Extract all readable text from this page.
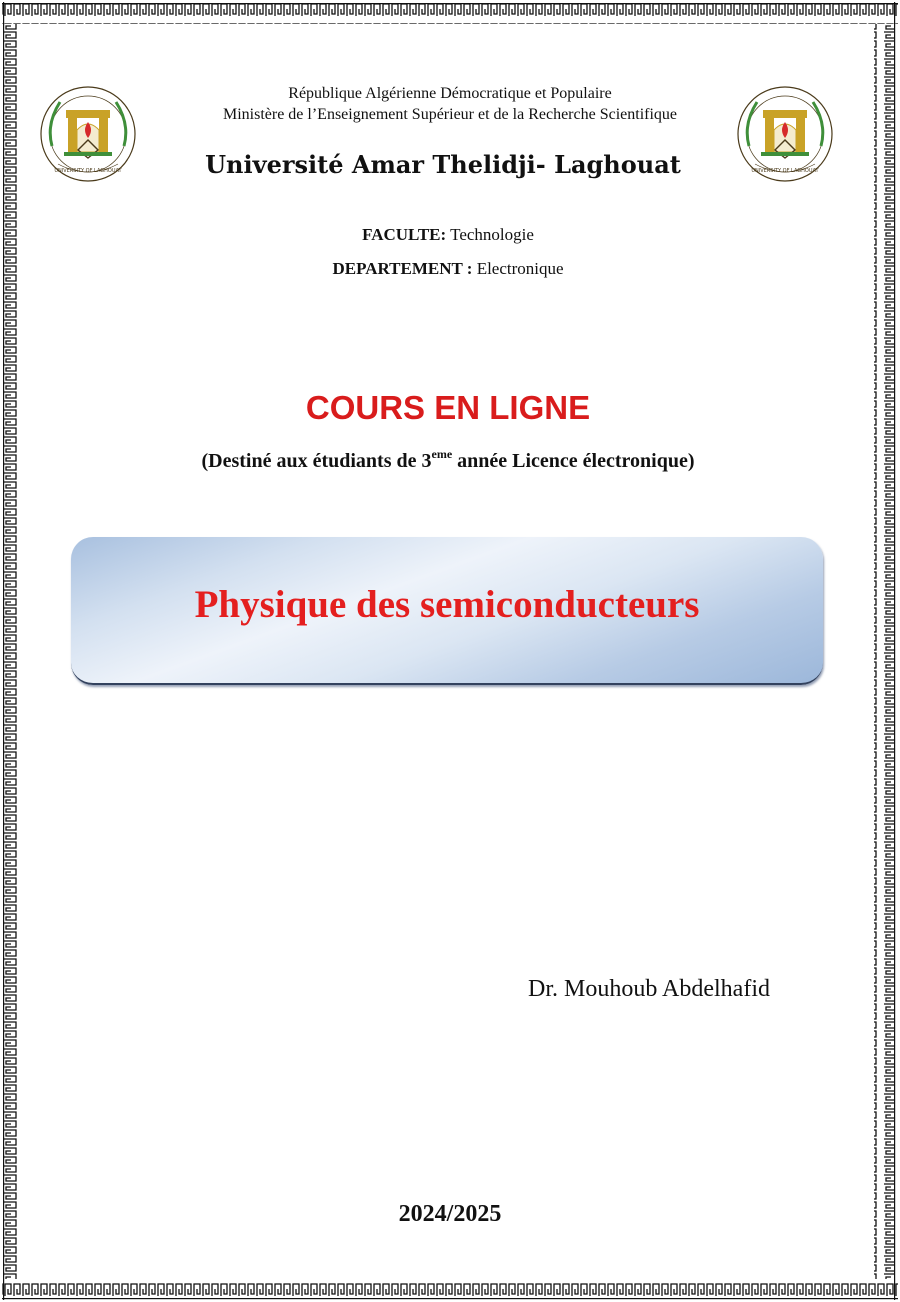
UNIVERSITY OF LAGHOUAT	UNIVERSITY OF LAGHOUAT
République Algérienne Démocratique et Populaire
Ministère de l’Enseignement Supérieur et de la Recherche Scientifique
Université Amar Thelidji- Laghouat
FACULTE: Technologie
DEPARTEMENT : Electronique
COURS EN LIGNE
(Destiné aux étudiants de 3eme année Licence électronique)
Physique des semiconducteurs
Dr. Mouhoub Abdelhafid
2024/2025
